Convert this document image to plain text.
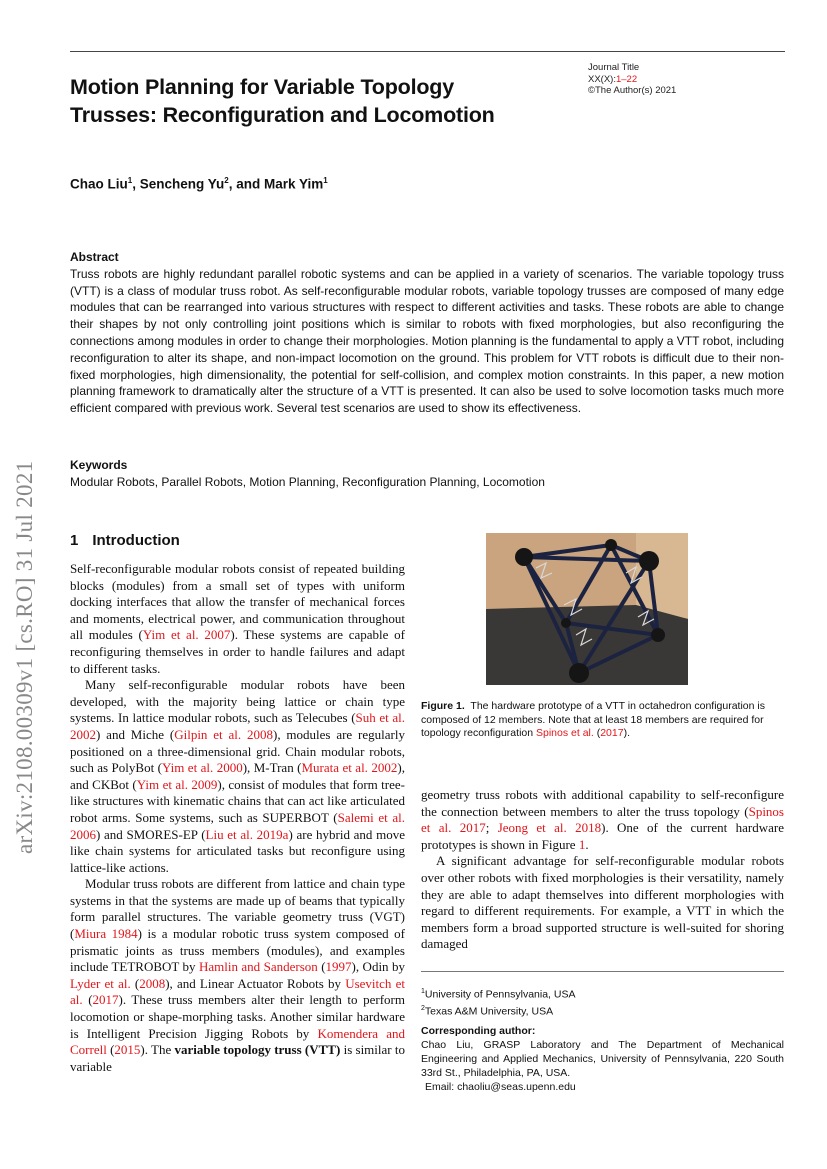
Journal Title
XX(X):1–22
©The Author(s) 2021
Motion Planning for Variable Topology Trusses: Reconfiguration and Locomotion
Chao Liu$^1$, Sencheng Yu$^2$, and Mark Yim$^1$
Abstract

Truss robots are highly redundant parallel robotic systems and can be applied in a variety of scenarios. The variable topology truss (VTT) is a class of modular truss robot. As self-reconfigurable modular robots, variable topology trusses are composed of many edge modules that can be rearranged into various structures with respect to different activities and tasks. These robots are able to change their shapes by not only controlling joint positions which is similar to robots with fixed morphologies, but also reconfiguring the connections among modules in order to change their morphologies. Motion planning is the fundamental to apply a VTT robot, including reconfiguration to alter its shape, and non-impact locomotion on the ground. This problem for VTT robots is difficult due to their non-fixed morphologies, high dimensionality, the potential for self-collision, and complex motion constraints. In this paper, a new motion planning framework to dramatically alter the structure of a VTT is presented. It can also be used to solve locomotion tasks much more efficient compared with previous work. Several test scenarios are used to show its effectiveness.

Keywords

Modular Robots, Parallel Robots, Motion Planning, Reconfiguration Planning, Locomotion

arXiv:2108.00309v1 [cs.RO] 31 Jul 2021 1 Introduction

Self-reconfigurable modular robots consist of repeated building blocks (modules) from a small set of types with uniform docking interfaces that allow the transfer of mechanical forces and moments, electrical power, and communication throughout all modules (Yim et al. 2007). These systems are capable of reconfiguring themselves in order to handle failures and adapt to different tasks.

Many self-reconfigurable modular robots have been developed, with the majority being lattice or chain type systems. In lattice modular robots, such as Telecubes (Suh et al. 2002) and Miche (Gilpin et al. 2008), modules are regularly positioned on a three-dimensional grid. Chain modular robots, such as PolyBot (Yim et al. 2000), M-Tran (Murata et al. 2002), and CKBot (Yim et al. 2009), consist of modules that form tree-like structures with kinematic chains that can act like articulated robot arms. Some systems, such as SUPERBOT (Salemi et al. 2006) and SMORES-EP (Liu et al. 2019a) are hybrid and move like chain systems for articulated tasks but reconfigure using lattice-like actions.

Modular truss robots are different from lattice and chain type systems in that the systems are made up of beams that typically form parallel structures. The variable geometry truss (VGT) (Miura 1984) is a modular robotic truss system composed of prismatic joints as truss members (modules), and examples include TETROBOT by Hamlin and Sanderson (1997), Odin by Lyder et al. (2008), and Linear Actuator Robots by Usevitch et al. (2017). These truss members alter their length to perform locomotion or shape-morphing tasks. Another similar hardware is Intelligent Precision Jigging Robots by Komendera and Correll (2015). The variable topology truss (VTT) is similar to variable

Figure 1. The hardware prototype of a VTT in octahedron configuration is composed of 12 members. Note that at least 18 members are required for topology reconfiguration Spinos et al. (2017).

geometry truss robots with additional capability to self-reconfigure the connection between members to alter the truss topology (Spinos et al. 2017; Jeong et al. 2018). One of the current hardware prototypes is shown in Figure 1.

A significant advantage for self-reconfigurable modular robots over other robots with fixed morphologies is their versatility, namely they are able to adapt themselves into different morphologies with regard to different requirements. For example, a VTT in which the members form a broad supported structure is well-suited for shoring damaged

$^1$University of Pennsylvania, USA
$^2$Texas A&M University, USA
Corresponding author:

Chao Liu, GRASP Laboratory and The Department of Mechanical Engineering and Applied Mechanics, University of Pennsylvania, 220 South 33rd St., Philadelphia, PA, USA.

Email: chaoliu@seas.upenn.edu
